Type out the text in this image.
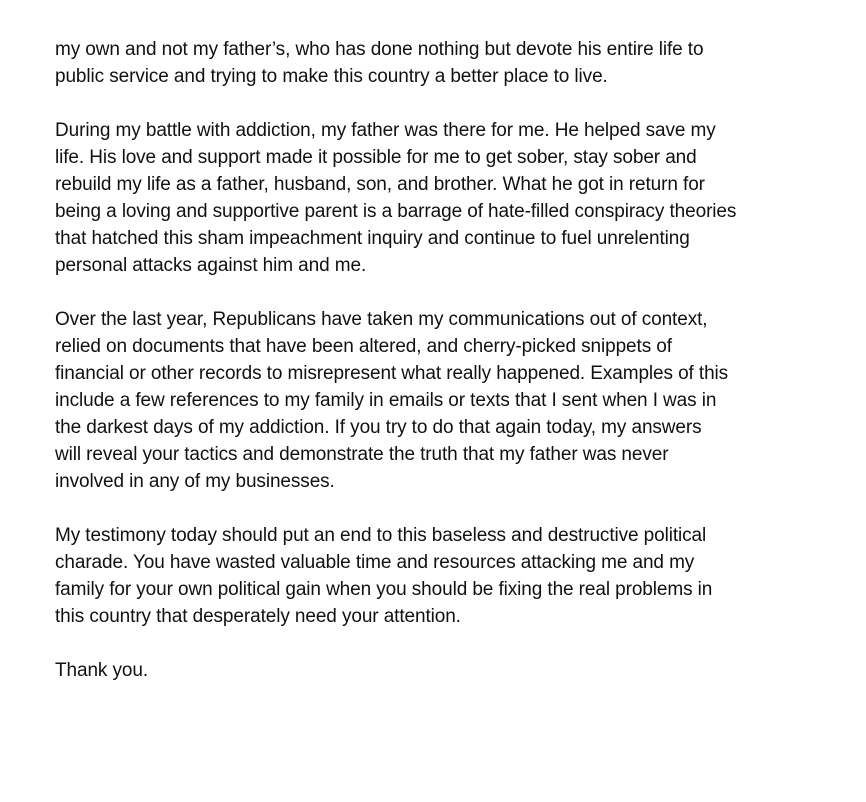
my own and not my father’s, who has done nothing but devote his entire life to
public service and trying to make this country a better place to live.

During my battle with addiction, my father was there for me. He helped save my
life. His love and support made it possible for me to get sober, stay sober and
rebuild my life as a father, husband, son, and brother. What he got in return for
being a loving and supportive parent is a barrage of hate-filled conspiracy theories
that hatched this sham impeachment inquiry and continue to fuel unrelenting
personal attacks against him and me.

Over the last year, Republicans have taken my communications out of context,
relied on documents that have been altered, and cherry-picked snippets of
financial or other records to misrepresent what really happened. Examples of this
include a few references to my family in emails or texts that I sent when I was in
the darkest days of my addiction. If you try to do that again today, my answers
will reveal your tactics and demonstrate the truth that my father was never
involved in any of my businesses.

My testimony today should put an end to this baseless and destructive political
charade. You have wasted valuable time and resources attacking me and my
family for your own political gain when you should be fixing the real problems in
this country that desperately need your attention.

Thank you.
